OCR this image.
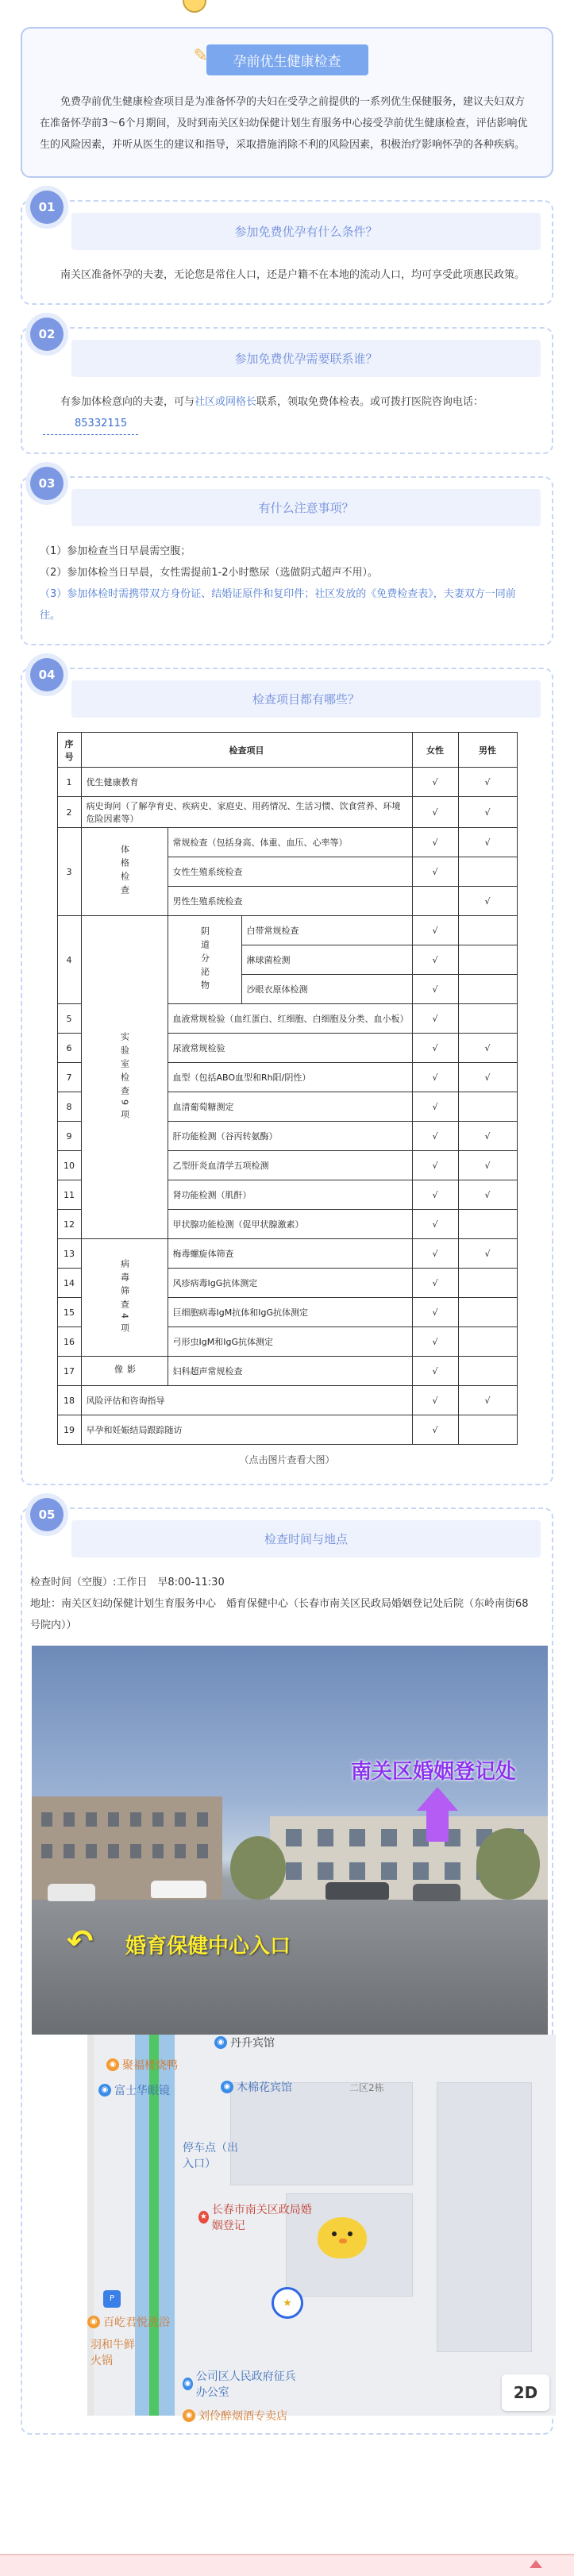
✎ 孕前优生健康检查

免费孕前优生健康检查项目是为准备怀孕的夫妇在受孕之前提供的一系列优生保健服务，建议夫妇双方在准备怀孕前3～6个月期间，及时到南关区妇幼保健计划生育服务中心接受孕前优生健康检查，评估影响优生的风险因素，并听从医生的建议和指导，采取措施消除不利的风险因素，积极治疗影响怀孕的各种疾病。

01
参加免费优孕有什么条件？

南关区准备怀孕的夫妻，无论您是常住人口，还是户籍不在本地的流动人口，均可享受此项惠民政策。

02
参加免费优孕需要联系谁？

有参加体检意向的夫妻，可与社区或网格长联系，领取免费体检表。或可拨打医院咨询电话：85332115

03
有什么注意事项？

（1）参加检查当日早晨需空腹；

（2）参加体检当日早晨，女性需提前1-2小时憋尿（选做阴式超声不用）。

（3）参加体检时需携带双方身份证、结婚证原件和复印件；社区发放的《免费检查表》，夫妻双方一同前往。

04
检查项目都有哪些？
序号	检查项目			女性	男性
1	优生健康教育			√	√
2	病史询问（了解孕育史、疾病史、家庭史、用药情况、生活习惯、饮食营养、环境危险因素等）			√	√
3	体格检查	常规检查（包括身高、体重、血压、心率等）		√	√
		女性生殖系统检查		√	
		男性生殖系统检查			√
4	实验室检查9项	阴道分泌物	白带常规检查	√	
			淋球菌检测	√	
			沙眼衣原体检测	√	
5		血液常规检验（血红蛋白、红细胞、白细胞及分类、血小板）		√	
6		尿液常规检验		√	√
7		血型（包括ABO血型和Rh阳/阴性）		√	√
8		血清葡萄糖测定		√	
9		肝功能检测（谷丙转氨酶）		√	√
10		乙型肝炎血清学五项检测		√	√
11		肾功能检测（肌酐）		√	√
12		甲状腺功能检测（促甲状腺激素）		√	
13	病毒筛查4项	梅毒螺旋体筛查		√	√
14		风疹病毒IgG抗体测定		√	
15		巨细胞病毒IgM抗体和IgG抗体测定		√	
16		弓形虫IgM和IgG抗体测定		√	
17	影像	妇科超声常规检查		√	
18	风险评估和咨询指导			√	√
19	早孕和妊娠结局跟踪随访			√	
（点击图片查看大图）
05
检查时间与地点

检查时间（空腹）:工作日　早8:00-11:30

地址：南关区妇幼保健计划生育服务中心　婚育保健中心（长春市南关区民政局婚姻登记处后院（东岭南街68号院内））

南关区婚姻登记处
↶ 婚育保健中心入口
◉ 丹升宾馆
◉ 聚福楼烧鸭
◉ 木棉花宾馆	二区2栋
◉ 富士华眼镜
停车点（出入口）
★
长春市南关区政局婚姻登记
P
◉ 百屹君悦洗浴
羽和牛鲜火锅
◉
公司区人民政府征兵办公室
◉ 刘伶醉烟酒专卖店
★
2D
